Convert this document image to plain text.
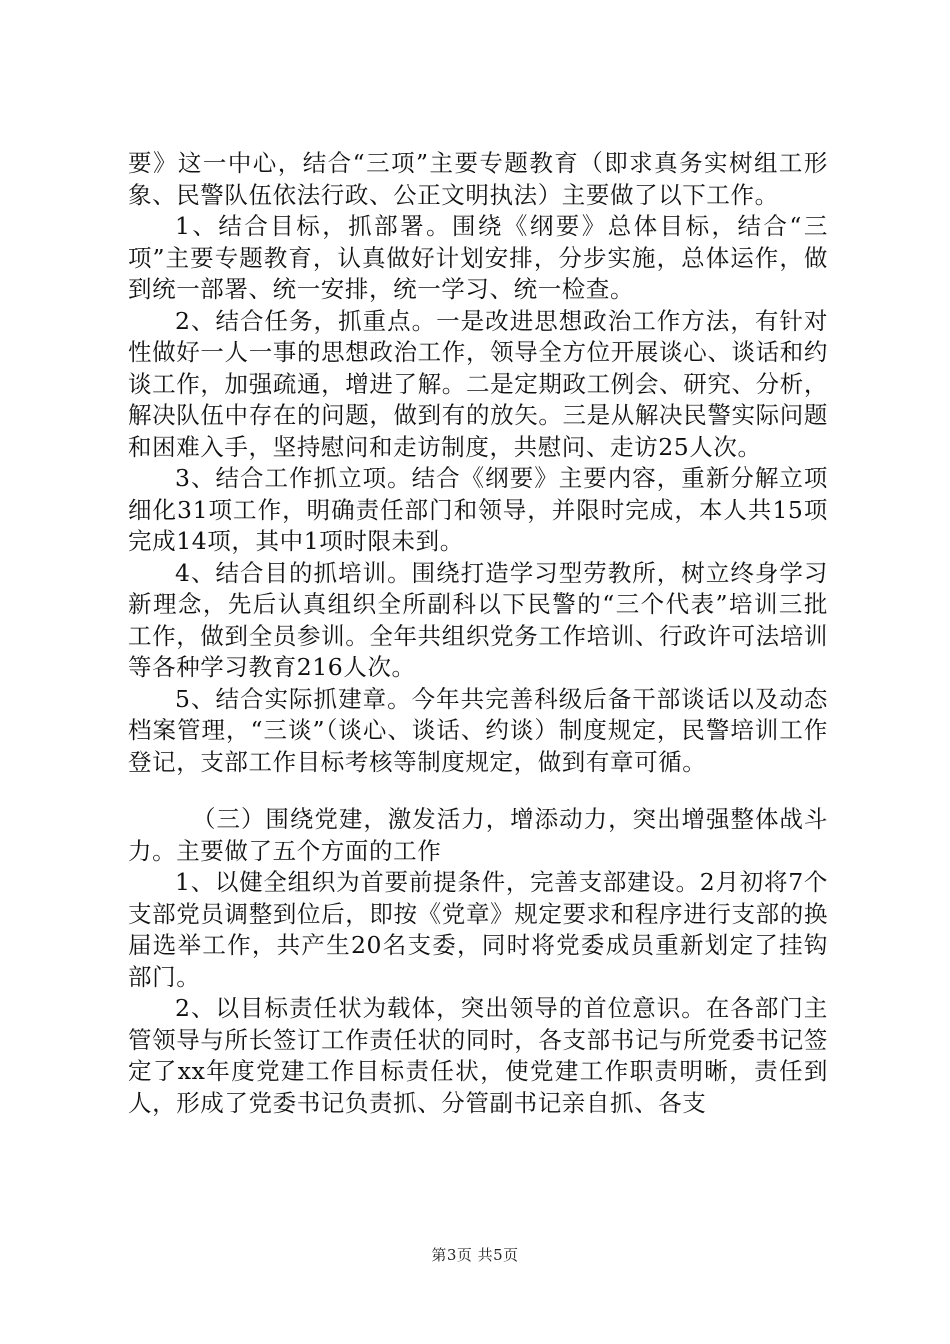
要》这一中心，结合“三项”主要专题教育（即求真务实树组工形象、民警队伍依法行政、公正文明执法）主要做了以下工作。

1、结合目标，抓部署。围绕《纲要》总体目标，结合“三项”主要专题教育，认真做好计划安排，分步实施，总体运作，做到统一部署、统一安排，统一学习、统一检查。

2、结合任务，抓重点。一是改进思想政治工作方法，有针对性做好一人一事的思想政治工作，领导全方位开展谈心、谈话和约谈工作，加强疏通，增进了解。二是定期政工例会、研究、分析，解决队伍中存在的问题，做到有的放矢。三是从解决民警实际问题和困难入手，坚持慰问和走访制度，共慰问、走访25人次。

3、结合工作抓立项。结合《纲要》主要内容，重新分解立项细化31项工作，明确责任部门和领导，并限时完成，本人共15项完成14项，其中1项时限未到。

4、结合目的抓培训。围绕打造学习型劳教所，树立终身学习新理念，先后认真组织全所副科以下民警的“三个代表”培训三批工作，做到全员参训。全年共组织党务工作培训、行政许可法培训等各种学习教育216人次。

5、结合实际抓建章。今年共完善科级后备干部谈话以及动态档案管理，“三谈”（谈心、谈话、约谈）制度规定，民警培训工作登记，支部工作目标考核等制度规定，做到有章可循。

（三）围绕党建，激发活力，增添动力，突出增强整体战斗力。主要做了五个方面的工作

1、以健全组织为首要前提条件，完善支部建设。2月初将7个支部党员调整到位后，即按《党章》规定要求和程序进行支部的换届选举工作，共产生20名支委，同时将党委成员重新划定了挂钩部门。

2、以目标责任状为载体，突出领导的首位意识。在各部门主管领导与所长签订工作责任状的同时，各支部书记与所党委书记签定了xx年度党建工作目标责任状，使党建工作职责明晰，责任到人，形成了党委书记负责抓、分管副书记亲自抓、各支

第3页 共5页
